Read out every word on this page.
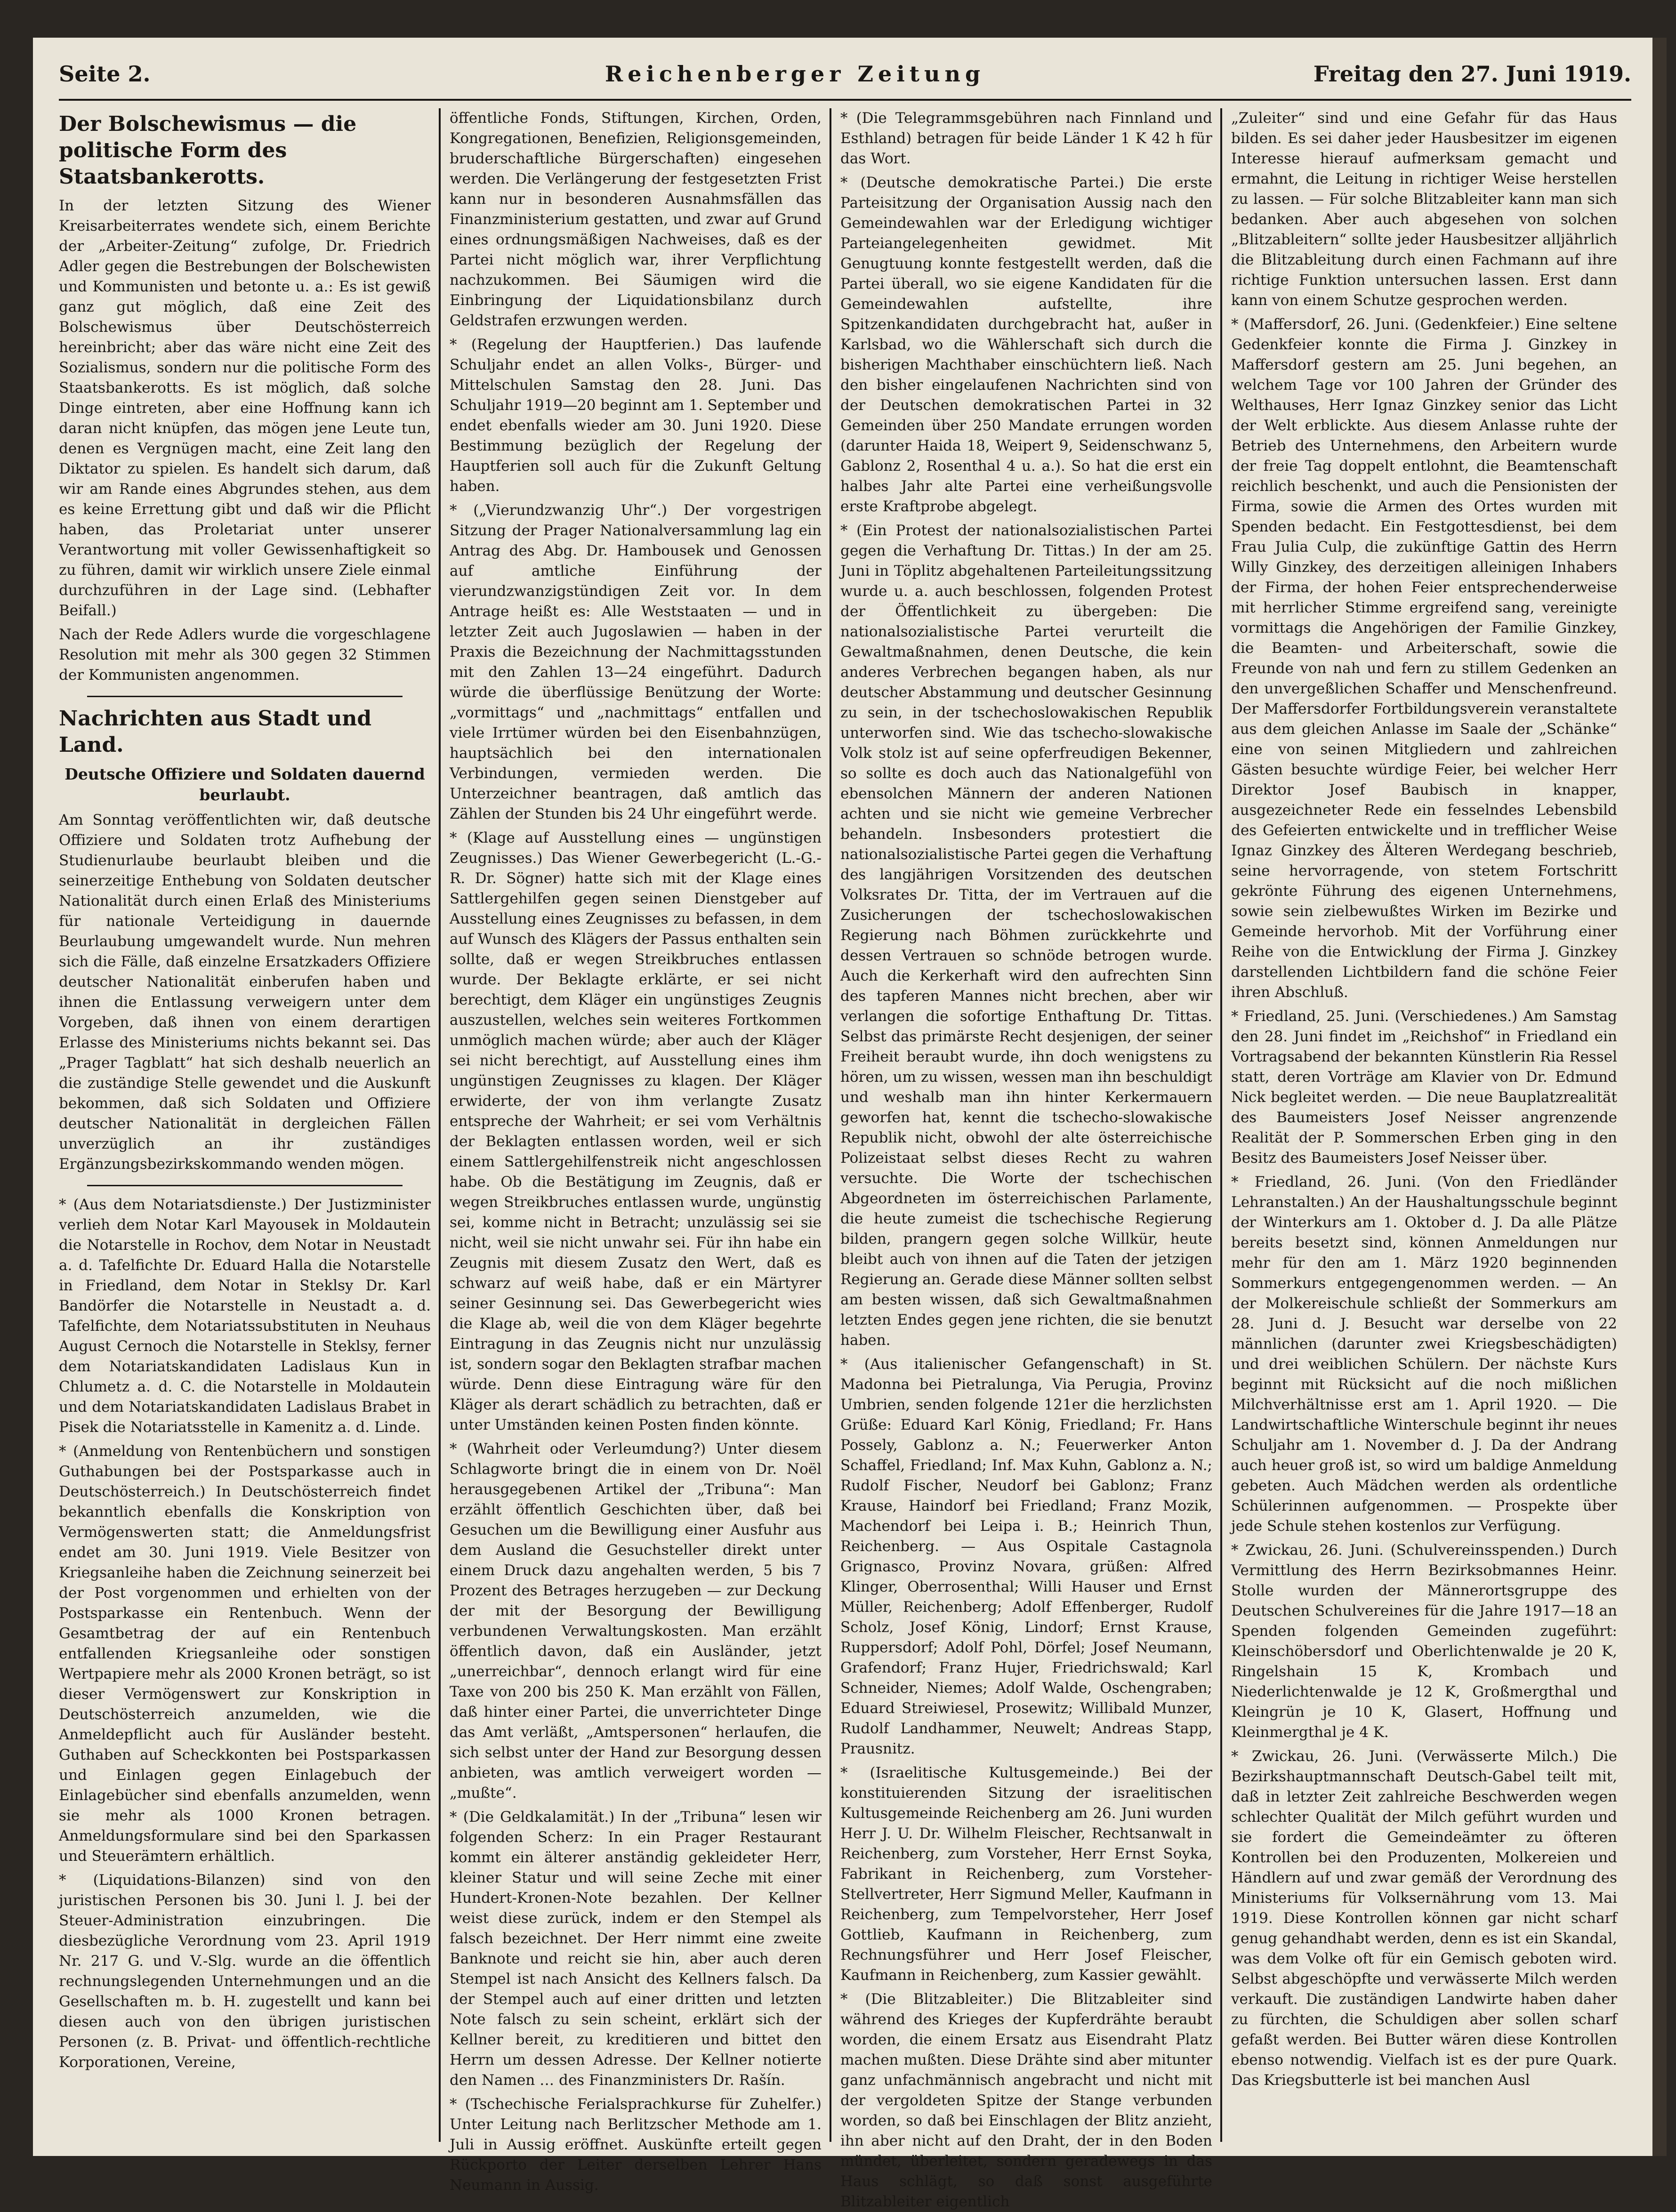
Seite 2.	Reichenberger Zeitung	Freitag den 27. Juni 1919.
Der Bolschewismus — die politische Form des Staatsbankerotts.

In der letzten Sitzung des Wiener Kreisarbeiterrates wendete sich, einem Berichte der „Arbeiter-Zeitung“ zufolge, Dr. Friedrich Adler gegen die Bestrebungen der Bolschewisten und Kommunisten und betonte u. a.: Es ist gewiß ganz gut möglich, daß eine Zeit des Bolschewismus über Deutschösterreich hereinbricht; aber das wäre nicht eine Zeit des Sozialismus, sondern nur die politische Form des Staatsbankerotts. Es ist möglich, daß solche Dinge eintreten, aber eine Hoffnung kann ich daran nicht knüpfen, das mögen jene Leute tun, denen es Vergnügen macht, eine Zeit lang den Diktator zu spielen. Es handelt sich darum, daß wir am Rande eines Abgrundes stehen, aus dem es keine Errettung gibt und daß wir die Pflicht haben, das Proletariat unter unserer Verantwortung mit voller Gewissenhaftigkeit so zu führen, damit wir wirklich unsere Ziele einmal durchzuführen in der Lage sind. (Lebhafter Beifall.)

Nach der Rede Adlers wurde die vorgeschlagene Resolution mit mehr als 300 gegen 32 Stimmen der Kommunisten angenommen.

Nachrichten aus Stadt und Land.
Deutsche Offiziere und Soldaten dauernd beurlaubt.

Am Sonntag veröffentlichten wir, daß deutsche Offiziere und Soldaten trotz Aufhebung der Studienurlaube beurlaubt bleiben und die seinerzeitige Enthebung von Soldaten deutscher Nationalität durch einen Erlaß des Ministeriums für nationale Verteidigung in dauernde Beurlaubung umgewandelt wurde. Nun mehren sich die Fälle, daß einzelne Ersatzkaders Offiziere deutscher Nationalität einberufen haben und ihnen die Entlassung verweigern unter dem Vorgeben, daß ihnen von einem derartigen Erlasse des Ministeriums nichts bekannt sei. Das „Prager Tagblatt“ hat sich deshalb neuerlich an die zuständige Stelle gewendet und die Auskunft bekommen, daß sich Soldaten und Offiziere deutscher Nationalität in dergleichen Fällen unverzüglich an ihr zuständiges Ergänzungsbezirkskommando wenden mögen.

* (Aus dem Notariatsdienste.) Der Justizminister verlieh dem Notar Karl Mayousek in Moldautein die Notarstelle in Rochov, dem Notar in Neustadt a. d. Tafelfichte Dr. Eduard Halla die Notarstelle in Friedland, dem Notar in Steklsy Dr. Karl Bandörfer die Notarstelle in Neustadt a. d. Tafelfichte, dem Notariatssubstituten in Neuhaus August Cernoch die Notarstelle in Steklsy, ferner dem Notariatskandidaten Ladislaus Kun in Chlumetz a. d. C. die Notarstelle in Moldautein und dem Notariatskandidaten Ladislaus Brabet in Pisek die Notariatsstelle in Kamenitz a. d. Linde.

* (Anmeldung von Rentenbüchern und sonstigen Guthabungen bei der Postsparkasse auch in Deutschösterreich.) In Deutschösterreich findet bekanntlich ebenfalls die Konskription von Vermögenswerten statt; die Anmeldungsfrist endet am 30. Juni 1919. Viele Besitzer von Kriegsanleihe haben die Zeichnung seinerzeit bei der Post vorgenommen und erhielten von der Postsparkasse ein Rentenbuch. Wenn der Gesamtbetrag der auf ein Rentenbuch entfallenden Kriegsanleihe oder sonstigen Wertpapiere mehr als 2000 Kronen beträgt, so ist dieser Vermögenswert zur Konskription in Deutschösterreich anzumelden, wie die Anmeldepflicht auch für Ausländer besteht. Guthaben auf Scheckkonten bei Postsparkassen und Einlagen gegen Einlagebuch der Einlagebücher sind ebenfalls anzumelden, wenn sie mehr als 1000 Kronen betragen. Anmeldungsformulare sind bei den Sparkassen und Steuerämtern erhältlich.

* (Liquidations-Bilanzen) sind von den juristischen Personen bis 30. Juni l. J. bei der Steuer-Administration einzubringen. Die diesbezügliche Verordnung vom 23. April 1919 Nr. 217 G. und V.-Slg. wurde an die öffentlich rechnungslegenden Unternehmungen und an die Gesellschaften m. b. H. zugestellt und kann bei diesen auch von den übrigen juristischen Personen (z. B. Privat- und öffentlich-rechtliche Korporationen, Vereine,

öffentliche Fonds, Stiftungen, Kirchen, Orden, Kongregationen, Benefizien, Religionsgemeinden, bruderschaftliche Bürgerschaften) eingesehen werden. Die Verlängerung der festgesetzten Frist kann nur in besonderen Ausnahmsfällen das Finanzministerium gestatten, und zwar auf Grund eines ordnungsmäßigen Nachweises, daß es der Partei nicht möglich war, ihrer Verpflichtung nachzukommen. Bei Säumigen wird die Einbringung der Liquidationsbilanz durch Geldstrafen erzwungen werden.

* (Regelung der Hauptferien.) Das laufende Schuljahr endet an allen Volks-, Bürger- und Mittelschulen Samstag den 28. Juni. Das Schuljahr 1919—20 beginnt am 1. September und endet ebenfalls wieder am 30. Juni 1920. Diese Bestimmung bezüglich der Regelung der Hauptferien soll auch für die Zukunft Geltung haben.

* („Vierundzwanzig Uhr“.) Der vorgestrigen Sitzung der Prager Nationalversammlung lag ein Antrag des Abg. Dr. Hambousek und Genossen auf amtliche Einführung der vierundzwanzigstündigen Zeit vor. In dem Antrage heißt es: Alle Weststaaten — und in letzter Zeit auch Jugoslawien — haben in der Praxis die Bezeichnung der Nachmittagsstunden mit den Zahlen 13—24 eingeführt. Dadurch würde die überflüssige Benützung der Worte: „vormittags“ und „nachmittags“ entfallen und viele Irrtümer würden bei den Eisenbahnzügen, hauptsächlich bei den internationalen Verbindungen, vermieden werden. Die Unterzeichner beantragen, daß amtlich das Zählen der Stunden bis 24 Uhr eingeführt werde.

* (Klage auf Ausstellung eines — ungünstigen Zeugnisses.) Das Wiener Gewerbegericht (L.-G.-R. Dr. Sögner) hatte sich mit der Klage eines Sattlergehilfen gegen seinen Dienstgeber auf Ausstellung eines Zeugnisses zu befassen, in dem auf Wunsch des Klägers der Passus enthalten sein sollte, daß er wegen Streikbruches entlassen wurde. Der Beklagte erklärte, er sei nicht berechtigt, dem Kläger ein ungünstiges Zeugnis auszustellen, welches sein weiteres Fortkommen unmöglich machen würde; aber auch der Kläger sei nicht berechtigt, auf Ausstellung eines ihm ungünstigen Zeugnisses zu klagen. Der Kläger erwiderte, der von ihm verlangte Zusatz entspreche der Wahrheit; er sei vom Verhältnis der Beklagten entlassen worden, weil er sich einem Sattlergehilfenstreik nicht angeschlossen habe. Ob die Bestätigung im Zeugnis, daß er wegen Streikbruches entlassen wurde, ungünstig sei, komme nicht in Betracht; unzulässig sei sie nicht, weil sie nicht unwahr sei. Für ihn habe ein Zeugnis mit diesem Zusatz den Wert, daß es schwarz auf weiß habe, daß er ein Märtyrer seiner Gesinnung sei. Das Gewerbegericht wies die Klage ab, weil die von dem Kläger begehrte Eintragung in das Zeugnis nicht nur unzulässig ist, sondern sogar den Beklagten strafbar machen würde. Denn diese Eintragung wäre für den Kläger als derart schädlich zu betrachten, daß er unter Umständen keinen Posten finden könnte.

* (Wahrheit oder Verleumdung?) Unter diesem Schlagworte bringt die in einem von Dr. Noël herausgegebenen Artikel der „Tribuna“: Man erzählt öffentlich Geschichten über, daß bei Gesuchen um die Bewilligung einer Ausfuhr aus dem Ausland die Gesuchsteller direkt unter einem Druck dazu angehalten werden, 5 bis 7 Prozent des Betrages herzugeben — zur Deckung der mit der Besorgung der Bewilligung verbundenen Verwaltungskosten. Man erzählt öffentlich davon, daß ein Ausländer, jetzt „unerreichbar“, dennoch erlangt wird für eine Taxe von 200 bis 250 K. Man erzählt von Fällen, daß hinter einer Partei, die unverrichteter Dinge das Amt verläßt, „Amtspersonen“ herlaufen, die sich selbst unter der Hand zur Besorgung dessen anbieten, was amtlich verweigert worden — „mußte“.

* (Die Geldkalamität.) In der „Tribuna“ lesen wir folgenden Scherz: In ein Prager Restaurant kommt ein älterer anständig gekleideter Herr, kleiner Statur und will seine Zeche mit einer Hundert-Kronen-Note bezahlen. Der Kellner weist diese zurück, indem er den Stempel als falsch bezeichnet. Der Herr nimmt eine zweite Banknote und reicht sie hin, aber auch deren Stempel ist nach Ansicht des Kellners falsch. Da der Stempel auch auf einer dritten und letzten Note falsch zu sein scheint, erklärt sich der Kellner bereit, zu kreditieren und bittet den Herrn um dessen Adresse. Der Kellner notierte den Namen … des Finanzministers Dr. Rašín.

* (Tschechische Ferialsprachkurse für Zuhelfer.) Unter Leitung nach Berlitzscher Methode am 1. Juli in Aussig eröffnet. Auskünfte erteilt gegen Rückporto der Leiter derselben Lehrer Hans Neumann in Aussig.

* (Die Telegrammsgebühren nach Finnland und Esthland) betragen für beide Länder 1 K 42 h für das Wort.

* (Deutsche demokratische Partei.) Die erste Parteisitzung der Organisation Aussig nach den Gemeindewahlen war der Erledigung wichtiger Parteiangelegenheiten gewidmet. Mit Genugtuung konnte festgestellt werden, daß die Partei überall, wo sie eigene Kandidaten für die Gemeindewahlen aufstellte, ihre Spitzenkandidaten durchgebracht hat, außer in Karlsbad, wo die Wählerschaft sich durch die bisherigen Machthaber einschüchtern ließ. Nach den bisher eingelaufenen Nachrichten sind von der Deutschen demokratischen Partei in 32 Gemeinden über 250 Mandate errungen worden (darunter Haida 18, Weipert 9, Seidenschwanz 5, Gablonz 2, Rosenthal 4 u. a.). So hat die erst ein halbes Jahr alte Partei eine verheißungsvolle erste Kraftprobe abgelegt.

* (Ein Protest der nationalsozialistischen Partei gegen die Verhaftung Dr. Tittas.) In der am 25. Juni in Töplitz abgehaltenen Parteileitungssitzung wurde u. a. auch beschlossen, folgenden Protest der Öffentlichkeit zu übergeben: Die nationalsozialistische Partei verurteilt die Gewaltmaßnahmen, denen Deutsche, die kein anderes Verbrechen begangen haben, als nur deutscher Abstammung und deutscher Gesinnung zu sein, in der tschechoslowakischen Republik unterworfen sind. Wie das tschecho-slowakische Volk stolz ist auf seine opferfreudigen Bekenner, so sollte es doch auch das Nationalgefühl von ebensolchen Männern der anderen Nationen achten und sie nicht wie gemeine Verbrecher behandeln. Insbesonders protestiert die nationalsozialistische Partei gegen die Verhaftung des langjährigen Vorsitzenden des deutschen Volksrates Dr. Titta, der im Vertrauen auf die Zusicherungen der tschechoslowakischen Regierung nach Böhmen zurückkehrte und dessen Vertrauen so schnöde betrogen wurde. Auch die Kerkerhaft wird den aufrechten Sinn des tapferen Mannes nicht brechen, aber wir verlangen die sofortige Enthaftung Dr. Tittas. Selbst das primärste Recht desjenigen, der seiner Freiheit beraubt wurde, ihn doch wenigstens zu hören, um zu wissen, wessen man ihn beschuldigt und weshalb man ihn hinter Kerkermauern geworfen hat, kennt die tschecho-slowakische Republik nicht, obwohl der alte österreichische Polizeistaat selbst dieses Recht zu wahren versuchte. Die Worte der tschechischen Abgeordneten im österreichischen Parlamente, die heute zumeist die tschechische Regierung bilden, prangern gegen solche Willkür, heute bleibt auch von ihnen auf die Taten der jetzigen Regierung an. Gerade diese Männer sollten selbst am besten wissen, daß sich Gewaltmaßnahmen letzten Endes gegen jene richten, die sie benutzt haben.

* (Aus italienischer Gefangenschaft) in St. Madonna bei Pietralunga, Via Perugia, Provinz Umbrien, senden folgende 121er die herzlichsten Grüße: Eduard Karl König, Friedland; Fr. Hans Possely, Gablonz a. N.; Feuerwerker Anton Schaffel, Friedland; Inf. Max Kuhn, Gablonz a. N.; Rudolf Fischer, Neudorf bei Gablonz; Franz Krause, Haindorf bei Friedland; Franz Mozik, Machendorf bei Leipa i. B.; Heinrich Thun, Reichenberg. — Aus Ospitale Castagnola Grignasco, Provinz Novara, grüßen: Alfred Klinger, Oberrosenthal; Willi Hauser und Ernst Müller, Reichenberg; Adolf Effenberger, Rudolf Scholz, Josef König, Lindorf; Ernst Krause, Ruppersdorf; Adolf Pohl, Dörfel; Josef Neumann, Grafendorf; Franz Hujer, Friedrichswald; Karl Schneider, Niemes; Adolf Walde, Oschengraben; Eduard Streiwiesel, Prosewitz; Willibald Munzer, Rudolf Landhammer, Neuwelt; Andreas Stapp, Prausnitz.

* (Israelitische Kultusgemeinde.) Bei der konstituierenden Sitzung der israelitischen Kultusgemeinde Reichenberg am 26. Juni wurden Herr J. U. Dr. Wilhelm Fleischer, Rechtsanwalt in Reichenberg, zum Vorsteher, Herr Ernst Soyka, Fabrikant in Reichenberg, zum Vorsteher-Stellvertreter, Herr Sigmund Meller, Kaufmann in Reichenberg, zum Tempelvorsteher, Herr Josef Gottlieb, Kaufmann in Reichenberg, zum Rechnungsführer und Herr Josef Fleischer, Kaufmann in Reichenberg, zum Kassier gewählt.

* (Die Blitzableiter.) Die Blitzableiter sind während des Krieges der Kupferdrähte beraubt worden, die einem Ersatz aus Eisendraht Platz machen mußten. Diese Drähte sind aber mitunter ganz unfachmännisch angebracht und nicht mit der vergoldeten Spitze der Stange verbunden worden, so daß bei Einschlagen der Blitz anzieht, ihn aber nicht auf den Draht, der in den Boden mündet, überleitet, sondern geradewegs in das Haus schlägt, so daß sonst ausgeführte Blitzableiter eigentlich

„Zuleiter“ sind und eine Gefahr für das Haus bilden. Es sei daher jeder Hausbesitzer im eigenen Interesse hierauf aufmerksam gemacht und ermahnt, die Leitung in richtiger Weise herstellen zu lassen. — Für solche Blitzableiter kann man sich bedanken. Aber auch abgesehen von solchen „Blitzableitern“ sollte jeder Hausbesitzer alljährlich die Blitzableitung durch einen Fachmann auf ihre richtige Funktion untersuchen lassen. Erst dann kann von einem Schutze gesprochen werden.

* (Maffersdorf, 26. Juni. (Gedenkfeier.) Eine seltene Gedenkfeier konnte die Firma J. Ginzkey in Maffersdorf gestern am 25. Juni begehen, an welchem Tage vor 100 Jahren der Gründer des Welthauses, Herr Ignaz Ginzkey senior das Licht der Welt erblickte. Aus diesem Anlasse ruhte der Betrieb des Unternehmens, den Arbeitern wurde der freie Tag doppelt entlohnt, die Beamtenschaft reichlich beschenkt, und auch die Pensionisten der Firma, sowie die Armen des Ortes wurden mit Spenden bedacht. Ein Festgottesdienst, bei dem Frau Julia Culp, die zukünftige Gattin des Herrn Willy Ginzkey, des derzeitigen alleinigen Inhabers der Firma, der hohen Feier entsprechenderweise mit herrlicher Stimme ergreifend sang, vereinigte vormittags die Angehörigen der Familie Ginzkey, die Beamten- und Arbeiterschaft, sowie die Freunde von nah und fern zu stillem Gedenken an den unvergeßlichen Schaffer und Menschenfreund. Der Maffersdorfer Fortbildungsverein veranstaltete aus dem gleichen Anlasse im Saale der „Schänke“ eine von seinen Mitgliedern und zahlreichen Gästen besuchte würdige Feier, bei welcher Herr Direktor Josef Baubisch in knapper, ausgezeichneter Rede ein fesselndes Lebensbild des Gefeierten entwickelte und in trefflicher Weise Ignaz Ginzkey des Älteren Werdegang beschrieb, seine hervorragende, von stetem Fortschritt gekrönte Führung des eigenen Unternehmens, sowie sein zielbewußtes Wirken im Bezirke und Gemeinde hervorhob. Mit der Vorführung einer Reihe von die Entwicklung der Firma J. Ginzkey darstellenden Lichtbildern fand die schöne Feier ihren Abschluß.

* Friedland, 25. Juni. (Verschiedenes.) Am Samstag den 28. Juni findet im „Reichshof“ in Friedland ein Vortragsabend der bekannten Künstlerin Ria Ressel statt, deren Vorträge am Klavier von Dr. Edmund Nick begleitet werden. — Die neue Bauplatzrealität des Baumeisters Josef Neisser angrenzende Realität der P. Sommerschen Erben ging in den Besitz des Baumeisters Josef Neisser über.

* Friedland, 26. Juni. (Von den Friedländer Lehranstalten.) An der Haushaltungsschule beginnt der Winterkurs am 1. Oktober d. J. Da alle Plätze bereits besetzt sind, können Anmeldungen nur mehr für den am 1. März 1920 beginnenden Sommerkurs entgegengenommen werden. — An der Molkereischule schließt der Sommerkurs am 28. Juni d. J. Besucht war derselbe von 22 männlichen (darunter zwei Kriegsbeschädigten) und drei weiblichen Schülern. Der nächste Kurs beginnt mit Rücksicht auf die noch mißlichen Milchverhältnisse erst am 1. April 1920. — Die Landwirtschaftliche Winterschule beginnt ihr neues Schuljahr am 1. November d. J. Da der Andrang auch heuer groß ist, so wird um baldige Anmeldung gebeten. Auch Mädchen werden als ordentliche Schülerinnen aufgenommen. — Prospekte über jede Schule stehen kostenlos zur Verfügung.

* Zwickau, 26. Juni. (Schulvereinsspenden.) Durch Vermittlung des Herrn Bezirksobmannes Heinr. Stolle wurden der Männerortsgruppe des Deutschen Schulvereines für die Jahre 1917—18 an Spenden folgenden Gemeinden zugeführt: Kleinschöbersdorf und Oberlichtenwalde je 20 K, Ringelshain 15 K, Krombach und Niederlichtenwalde je 12 K, Großmergthal und Kleingrün je 10 K, Glasert, Hoffnung und Kleinmergthal je 4 K.

* Zwickau, 26. Juni. (Verwässerte Milch.) Die Bezirkshauptmannschaft Deutsch-Gabel teilt mit, daß in letzter Zeit zahlreiche Beschwerden wegen schlechter Qualität der Milch geführt wurden und sie fordert die Gemeindeämter zu öfteren Kontrollen bei den Produzenten, Molkereien und Händlern auf und zwar gemäß der Verordnung des Ministeriums für Volksernährung vom 13. Mai 1919. Diese Kontrollen können gar nicht scharf genug gehandhabt werden, denn es ist ein Skandal, was dem Volke oft für ein Gemisch geboten wird. Selbst abgeschöpfte und verwässerte Milch werden verkauft. Die zuständigen Landwirte haben daher zu fürchten, die Schuldigen aber sollen scharf gefaßt werden. Bei Butter wären diese Kontrollen ebenso notwendig. Vielfach ist es der pure Quark. Das Kriegsbutterle ist bei manchen Ausl
